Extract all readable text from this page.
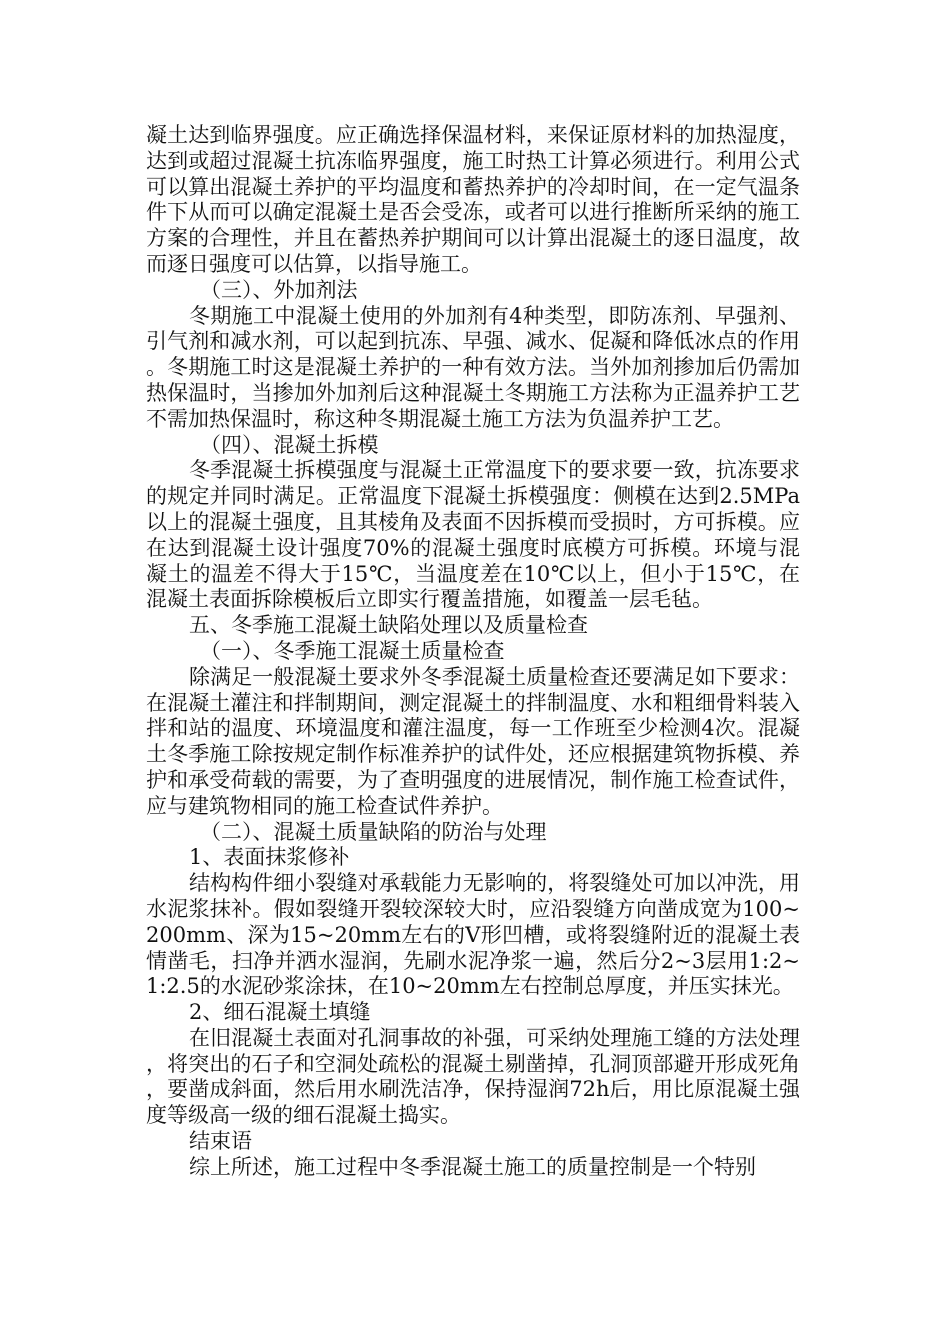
凝土达到临界强度。应正确选择保温材料，来保证原材料的加热湿度，达到或超过混凝土抗冻临界强度，施工时热工计算必须进行。利用公式可以算出混凝土养护的平均温度和蓄热养护的冷却时间，在一定气温条件下从而可以确定混凝土是否会受冻，或者可以进行推断所采纳的施工方案的合理性，并且在蓄热养护期间可以计算出混凝土的逐日温度，故而逐日强度可以估算，以指导施工。

（三）、外加剂法

冬期施工中混凝土使用的外加剂有4种类型，即防冻剂、早强剂、引气剂和减水剂，可以起到抗冻、早强、减水、促凝和降低冰点的作用。冬期施工时这是混凝土养护的一种有效方法。当外加剂掺加后仍需加热保温时，当掺加外加剂后这种混凝土冬期施工方法称为正温养护工艺不需加热保温时，称这种冬期混凝土施工方法为负温养护工艺。

（四）、混凝土拆模

冬季混凝土拆模强度与混凝土正常温度下的要求要一致，抗冻要求的规定并同时满足。正常温度下混凝土拆模强度：侧模在达到2.5MPa以上的混凝土强度，且其棱角及表面不因拆模而受损时，方可拆模。应在达到混凝土设计强度70%的混凝土强度时底模方可拆模。环境与混凝土的温差不得大于15℃，当温度差在10℃以上，但小于15℃，在混凝土表面拆除模板后立即实行覆盖措施，如覆盖一层毛毡。

五、冬季施工混凝土缺陷处理以及质量检查

（一）、冬季施工混凝土质量检查

除满足一般混凝土要求外冬季混凝土质量检查还要满足如下要求：在混凝土灌注和拌制期间，测定混凝土的拌制温度、水和粗细骨料装入拌和站的温度、环境温度和灌注温度，每一工作班至少检测4次。混凝土冬季施工除按规定制作标准养护的试件处，还应根据建筑物拆模、养护和承受荷载的需要，为了查明强度的进展情况，制作施工检查试件，应与建筑物相同的施工检查试件养护。

（二）、混凝土质量缺陷的防治与处理

1、表面抹浆修补

结构构件细小裂缝对承载能力无影响的，将裂缝处可加以冲洗，用水泥浆抹补。假如裂缝开裂较深较大时，应沿裂缝方向凿成宽为100~200mm、深为15~20mm左右的V形凹槽，或将裂缝附近的混凝土表情凿毛，扫净并洒水湿润，先刷水泥净浆一遍，然后分2~3层用1:2~1:2.5的水泥砂浆涂抹，在10~20mm左右控制总厚度，并压实抹光。

2、细石混凝土填缝

在旧混凝土表面对孔洞事故的补强，可采纳处理施工缝的方法处理，将突出的石子和空洞处疏松的混凝土剔凿掉，孔洞顶部避开形成死角，要凿成斜面，然后用水刷洗洁净，保持湿润72h后，用比原混凝土强度等级高一级的细石混凝土捣实。

结束语

综上所述，施工过程中冬季混凝土施工的质量控制是一个特别
